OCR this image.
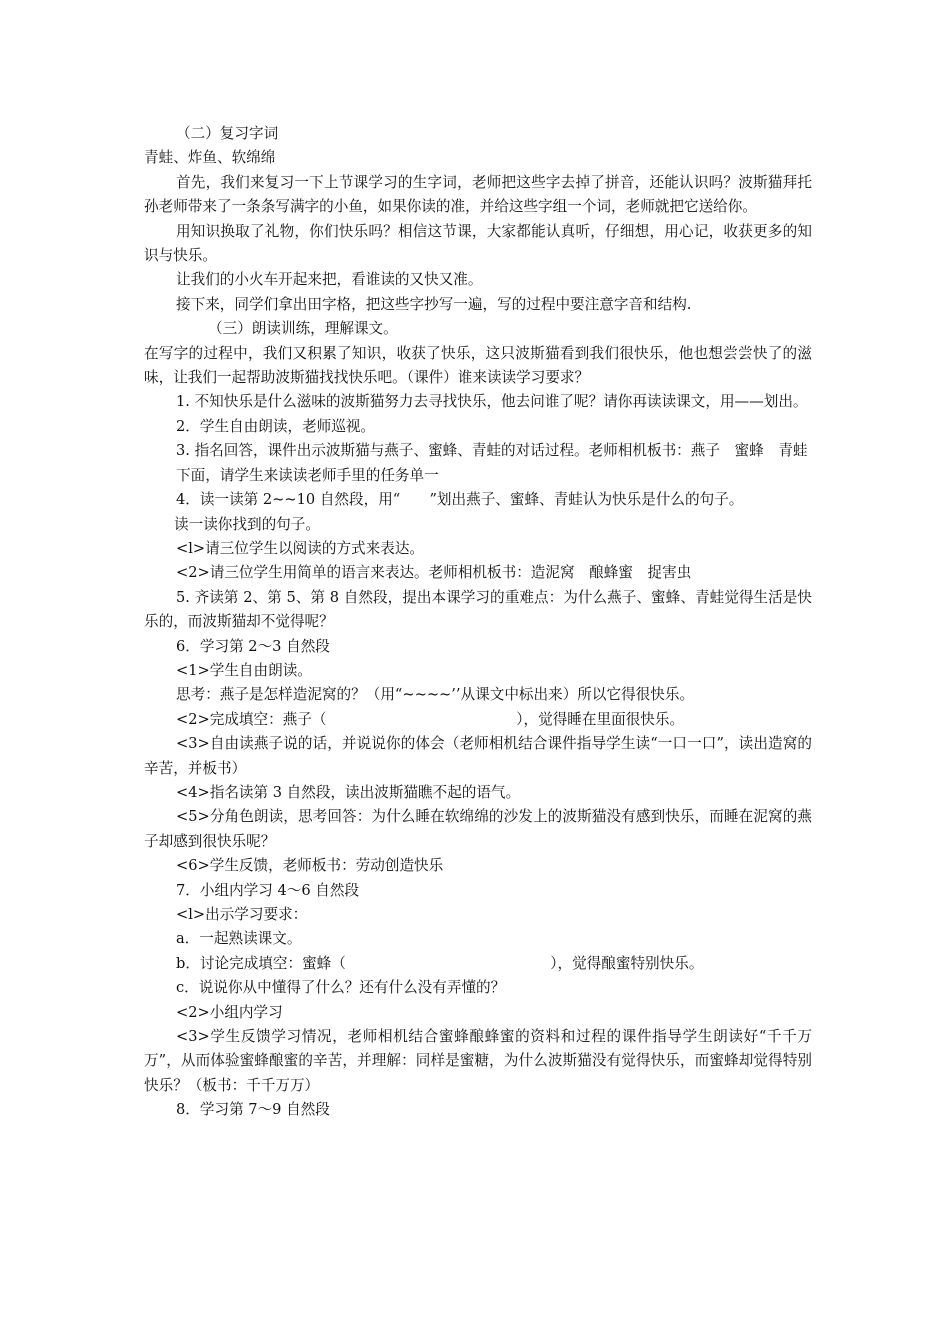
（二）复习字词

青蛙、炸鱼、软绵绵

首先，我们来复习一下上节课学习的生字词，老师把这些字去掉了拼音，还能认识吗？波斯猫拜托孙老师带来了一条条写满字的小鱼，如果你读的准，并给这些字组一个词，老师就把它送给你。

用知识换取了礼物，你们快乐吗？相信这节课，大家都能认真听，仔细想，用心记，收获更多的知识与快乐。

让我们的小火车开起来把，看谁读的又快又准。

接下来，同学们拿出田字格，把这些字抄写一遍，写的过程中要注意字音和结构.

（三）朗读训练，理解课文。

在写字的过程中，我们又积累了知识，收获了快乐，这只波斯猫看到我们很快乐，他也想尝尝快了的滋味，让我们一起帮助波斯猫找找快乐吧。（课件）谁来读读学习要求？

1. 不知快乐是什么滋味的波斯猫努力去寻找快乐，他去问谁了呢？请你再读读课文，用——划出。

2．学生自由朗读，老师巡视。

3. 指名回答，课件出示波斯猫与燕子、蜜蜂、青蛙的对话过程。老师相机板书：燕子　蜜蜂　青蛙

下面，请学生来读读老师手里的任务单一

4．读一读第 2~~10 自然段，用“　　”划出燕子、蜜蜂、青蛙认为快乐是什么的句子。

读一读你找到的句子。

<l>请三位学生以阅读的方式来表达。

<2>请三位学生用简单的语言来表达。老师相机板书：造泥窝　酿蜂蜜　捉害虫

5. 齐读第 2、第 5、第 8 自然段，提出本课学习的重难点：为什么燕子、蜜蜂、青蛙觉得生活是快乐的，而波斯猫却不觉得呢？

6．学习第 2～3 自然段

<1>学生自由朗读。

思考：燕子是怎样造泥窝的？（用“~~~~’’从课文中标出来）所以它得很快乐。

<2>完成填空：燕子（　　　　　　　　　　　　　），觉得睡在里面很快乐。

<3>自由读燕子说的话，并说说你的体会（老师相机结合课件指导学生读“一口一口”，读出造窝的辛苦，并板书）

<4>指名读第 3 自然段，读出波斯猫瞧不起的语气。

<5>分角色朗读，思考回答：为什么睡在软绵绵的沙发上的波斯猫没有感到快乐，而睡在泥窝的燕子却感到很快乐呢？

<6>学生反馈，老师板书：劳动创造快乐

7．小组内学习 4～6 自然段

<l>出示学习要求：

a．一起熟读课文。

b．讨论完成填空：蜜蜂（　　　　　　　　　　　　　　），觉得酿蜜特别快乐。

c．说说你从中懂得了什么？还有什么没有弄懂的？

<2>小组内学习

<3>学生反馈学习情况，老师相机结合蜜蜂酿蜂蜜的资料和过程的课件指导学生朗读好“千千万万”，从而体验蜜蜂酿蜜的辛苦，并理解：同样是蜜糖，为什么波斯猫没有觉得快乐，而蜜蜂却觉得特别快乐？（板书：千千万万）

8．学习第 7～9 自然段
